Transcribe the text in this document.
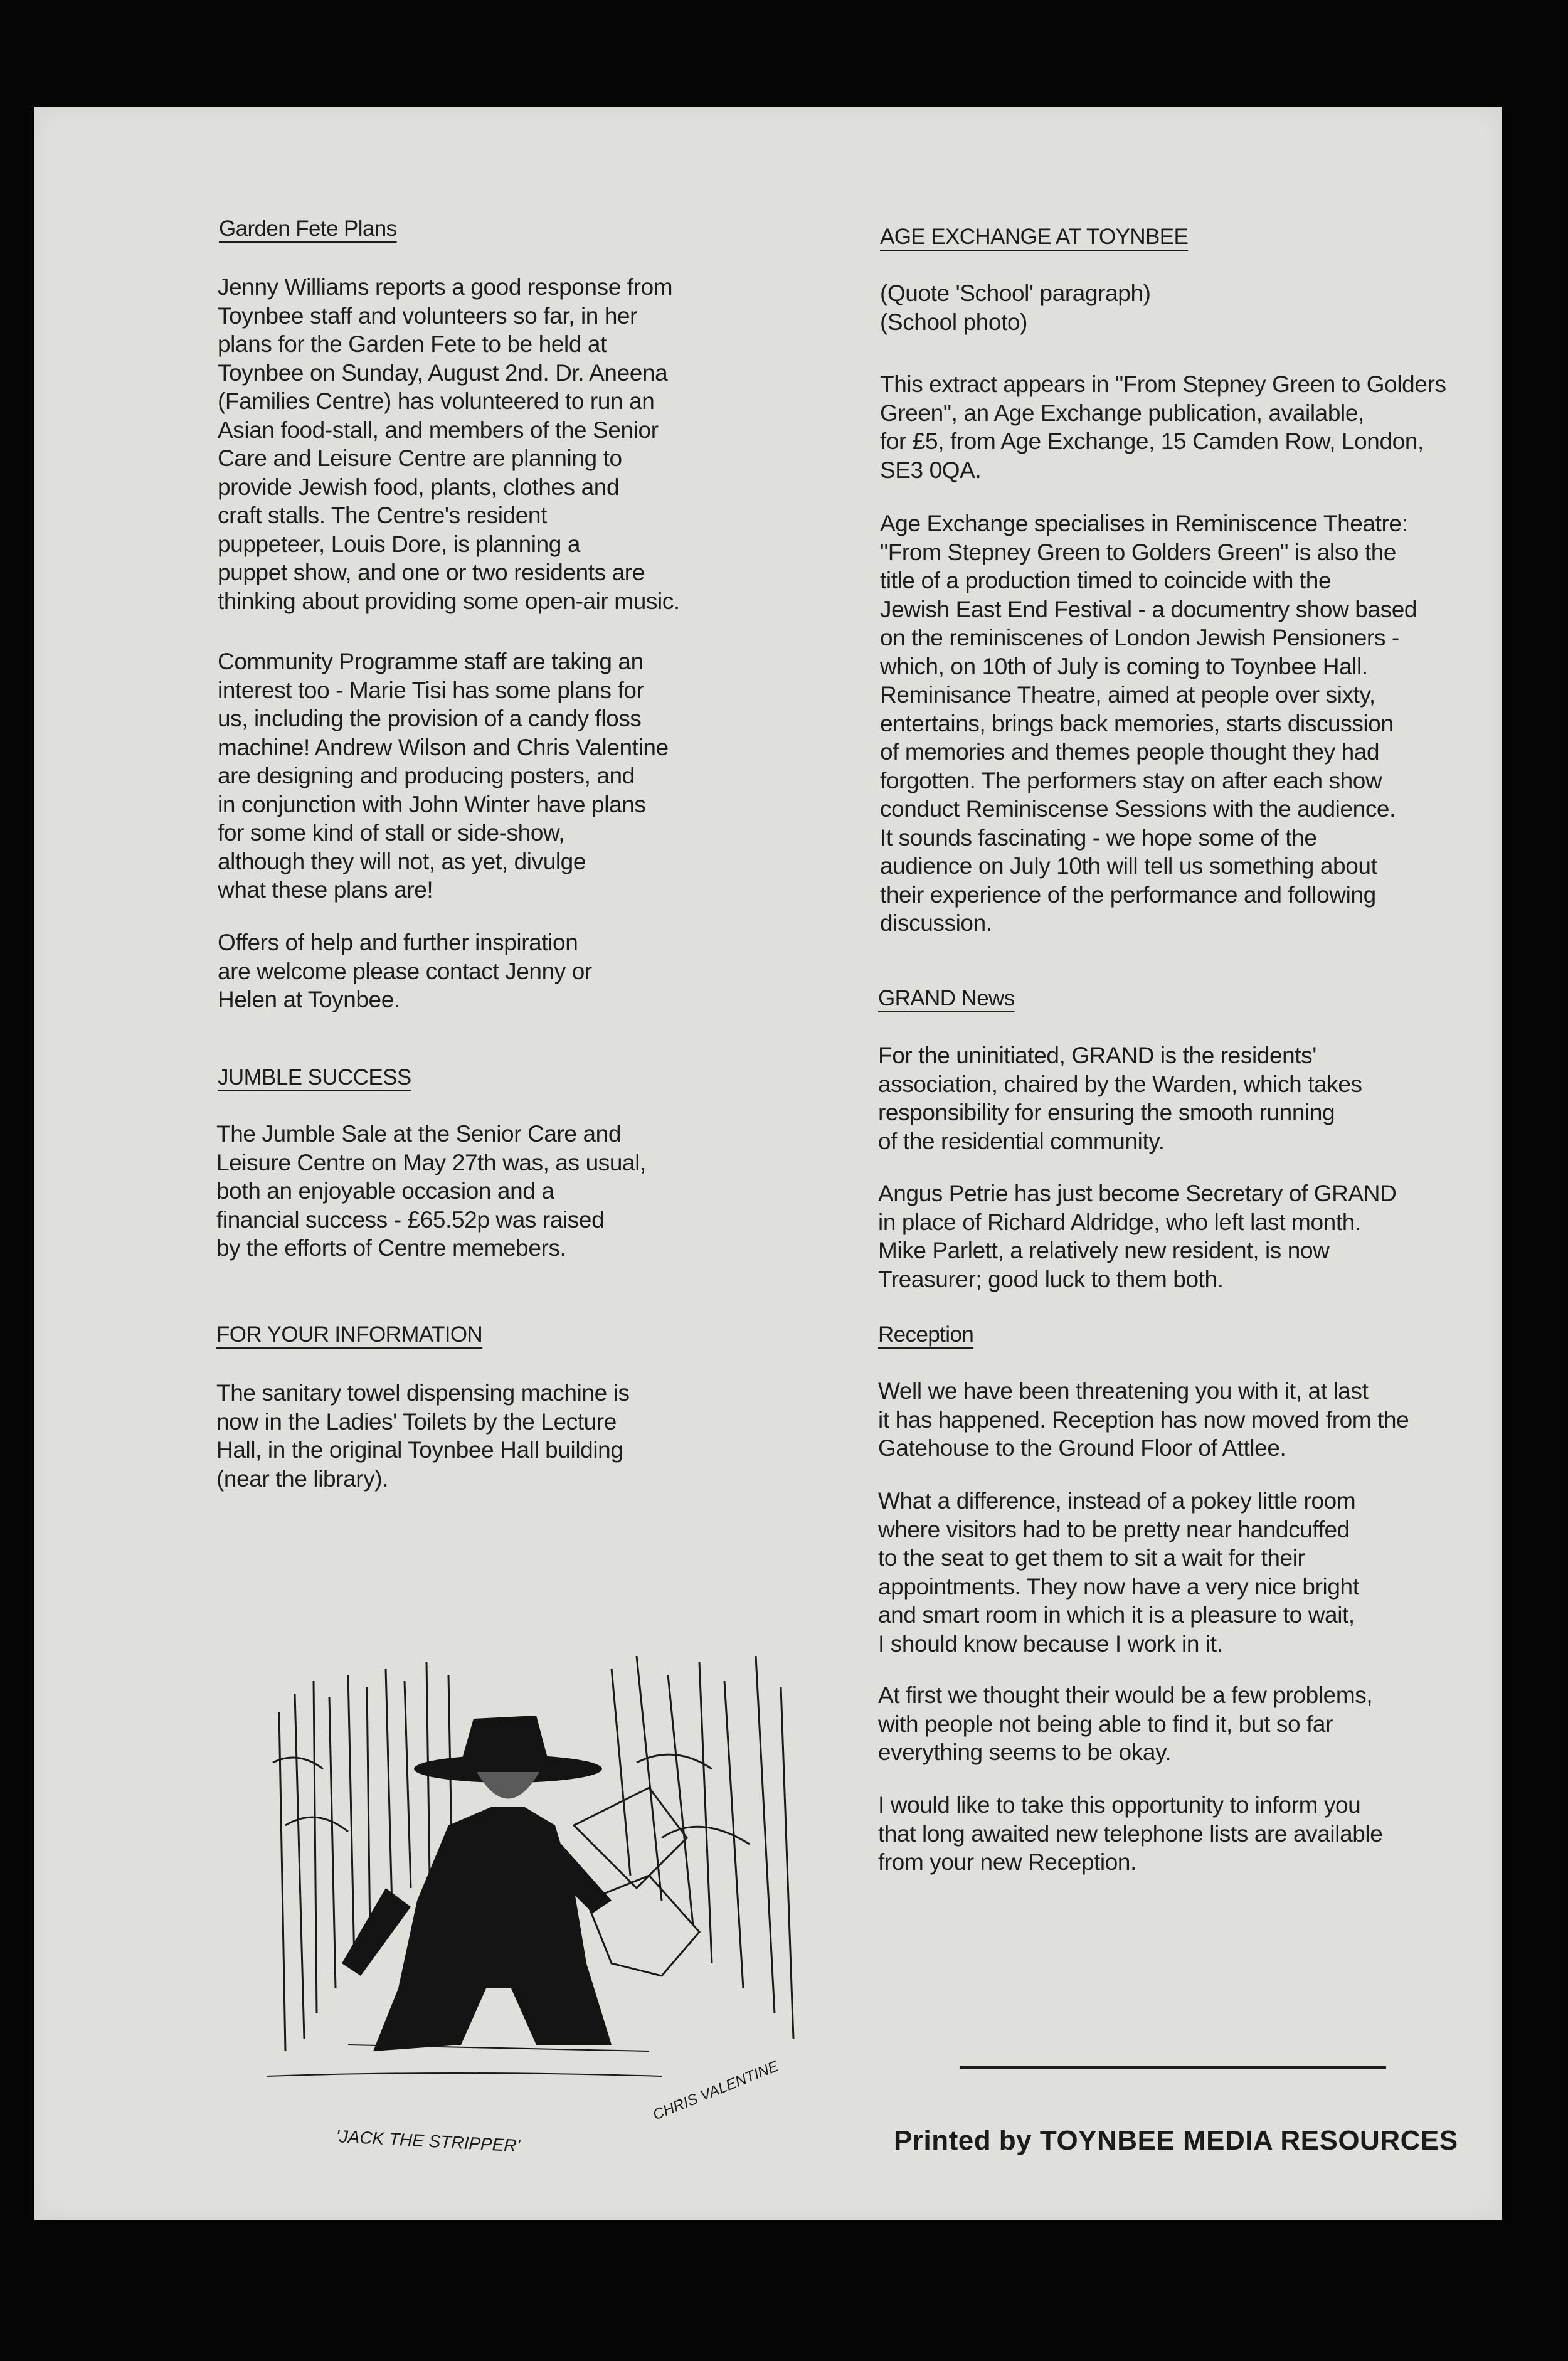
Garden Fete Plans

Jenny Williams reports a good response from
Toynbee staff and volunteers so far, in her
plans for the Garden Fete to be held at
Toynbee on Sunday, August 2nd. Dr. Aneena
(Families Centre) has volunteered to run an
Asian food-stall, and members of the Senior
Care and Leisure Centre are planning to
provide Jewish food, plants, clothes and
craft stalls. The Centre's resident
puppeteer, Louis Dore, is planning a
puppet show, and one or two residents are
thinking about providing some open-air music.

Community Programme staff are taking an
interest too - Marie Tisi has some plans for
us, including the provision of a candy floss
machine! Andrew Wilson and Chris Valentine
are designing and producing posters, and
in conjunction with John Winter have plans
for some kind of stall or side-show,
although they will not, as yet, divulge
what these plans are!

Offers of help and further inspiration
are welcome please contact Jenny or
Helen at Toynbee.

JUMBLE SUCCESS

The Jumble Sale at the Senior Care and
Leisure Centre on May 27th was, as usual,
both an enjoyable occasion and a
financial success - £65.52p was raised
by the efforts of Centre memebers.

FOR YOUR INFORMATION

The sanitary towel dispensing machine is
now in the Ladies' Toilets by the Lecture
Hall, in the original Toynbee Hall building
(near the library).

'JACK THE STRIPPER'
CHRIS VALENTINE
AGE EXCHANGE AT TOYNBEE

(Quote 'School' paragraph)
(School photo)

This extract appears in "From Stepney Green to Golders
Green", an Age Exchange publication, available,
for £5, from Age Exchange, 15 Camden Row, London,
SE3 0QA.

Age Exchange specialises in Reminiscence Theatre:
"From Stepney Green to Golders Green" is also the
title of a production timed to coincide with the
Jewish East End Festival - a documentry show based
on the reminiscenes of London Jewish Pensioners -
which, on 10th of July is coming to Toynbee Hall.
Reminisance Theatre, aimed at people over sixty,
entertains, brings back memories, starts discussion
of memories and themes people thought they had
forgotten. The performers stay on after each show
conduct Reminiscense Sessions with the audience.
It sounds fascinating - we hope some of the
audience on July 10th will tell us something about
their experience of the performance and following
discussion.

GRAND News

For the uninitiated, GRAND is the residents'
association, chaired by the Warden, which takes
responsibility for ensuring the smooth running
of the residential community.

Angus Petrie has just become Secretary of GRAND
in place of Richard Aldridge, who left last month.
Mike Parlett, a relatively new resident, is now
Treasurer; good luck to them both.

Reception

Well we have been threatening you with it, at last
it has happened. Reception has now moved from the
Gatehouse to the Ground Floor of Attlee.

What a difference, instead of a pokey little room
where visitors had to be pretty near handcuffed
to the seat to get them to sit a wait for their
appointments. They now have a very nice bright
and smart room in which it is a pleasure to wait,
I should know because I work in it.

At first we thought their would be a few problems,
with people not being able to find it, but so far
everything seems to be okay.

I would like to take this opportunity to inform you
that long awaited new telephone lists are available
from your new Reception.

Printed by TOYNBEE MEDIA RESOURCES
